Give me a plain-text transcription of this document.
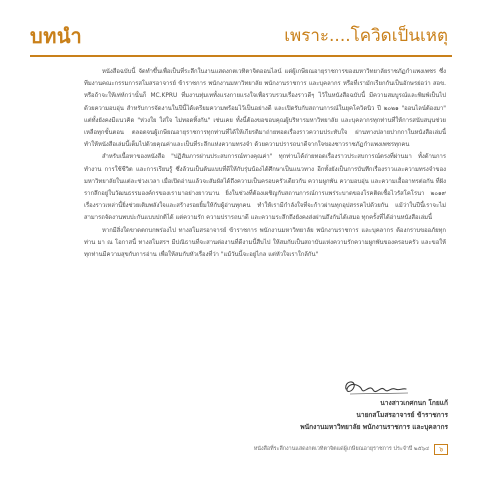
บทนำ	เพราะ....โควิดเป็นเหตุ

หนังสือฉบับนี้ จัดทำขึ้นเพื่อเป็นที่ระลึกในงานแสดงกตเวทิตาจิตออนไลน์ แด่ผู้เกษียณอายุราชการของมหาวิทยาลัยราชภัฏกำแพงเพชร ซึ่งทีมงานคณะกรรมการสโมสรอาจารย์ ข้าราชการ พนักงานมหาวิทยาลัย พนักงานราชการ และบุคลากร หรือที่เรามักเรียกกันเป็นอักษรย่อว่า สอข. หรือถ้าจะให้เท่ห์กว่านั้นก็ MC.KPRU ที่มงานทุ่มเททั้งแรงกายแรงใจเพื่อรวบรวมเรื่องราวดีๆ ไว้ในหนังสือฉบับนี้ มีความสมบูรณ์และพิมพ์เป็นไปด้วยความอบอุ่น สำหรับการจัดงานในปีนี้ได้เตรียมความพร้อมไว้เป็นอย่างดี และเปิดรับกับสถานการณ์ในยุคโควิดนิว ปี ๒๐๒๑ "ออนไลน์ต้องมา" แต่ทั้งยังคงมีแนวคิด "ห่วงใย ใส่ใจ ไม่ทอดทิ้งกัน" เช่นเคย ทั้งนี้ต้องขอขอบคุณผู้บริหารมหาวิทยาลัย และบุคลากรทุกท่านที่ให้การสนับสนุนช่วยเหลือทุกขั้นตอน ตลอดจนผู้เกษียณอายุราชการทุกท่านที่ได้ให้เกียรติมาถ่ายทอดเรื่องราวความประทับใจ ผ่านทางปลายปากกาในหนังสือเล่มนี้ ทำให้หนังสือเล่มนี้เต็มไปด้วยคุณค่าและเป็นที่ระลึกแห่งความทรงจำ ด้วยความปรารถนาดีจากใจของชาวราชภัฏกำแพงเพชรทุกคน

สำหรับเนื้อหาของหนังสือ "ปฏิสัมภารผ่านประสบการณ์ทางคุณค่า" ทุกท่านได้ถ่ายทอดเรื่องราวประสบการณ์ตรงที่ผ่านมา ทั้งด้านการทำงาน การใช้ชีวิต และการเรียนรู้ ซึ่งล้วนเป็นต้นแบบที่ดีให้กับรุ่นน้องได้ศึกษาเป็นแนวทาง อีกทั้งยังเป็นการบันทึกเรื่องราวและความทรงจำของมหาวิทยาลัยในแต่ละช่วงเวลา เมื่อเปิดอ่านแล้วจะสัมผัสได้ถึงความเป็นครอบครัวเดียวกัน ความผูกพัน ความอบอุ่น และความเอื้ออาทรต่อกัน ที่ฝังรากลึกอยู่ในวัฒนธรรมองค์กรของเรามาอย่างยาวนาน ยิ่งในช่วงที่ต้องเผชิญกับสถานการณ์การแพร่ระบาดของโรคติดเชื้อไวรัสโคโรนา ๒๐๑๙ เรื่องราวเหล่านี้ยิ่งช่วยเติมพลังใจและสร้างรอยยิ้มให้กับผู้อ่านทุกคน ทำให้เรามีกำลังใจที่จะก้าวผ่านทุกอุปสรรคไปด้วยกัน แม้ว่าในปีนี้เราจะไม่สามารถจัดงานพบปะกันแบบปกติได้ แต่ความรัก ความปรารถนาดี และความระลึกถึงยังคงส่งผ่านถึงกันได้เสมอ ทุกครั้งที่ได้อ่านหนังสือเล่มนี้

หากมีสิ่งใดขาดตกบกพร่องไป ทางสโมสรอาจารย์ ข้าราชการ พนักงานมหาวิทยาลัย พนักงานราชการ และบุคลากร ต้องกราบขออภัยทุกท่าน มา ณ โอกาสนี้ ทางสโมสรฯ มีปณิธานที่จะสานต่องานที่ดีงามนี้สืบไป ให้สมกับเป็นสถาบันแห่งความรักความผูกพันของครอบครัว และขอให้ทุกท่านมีความสุขกับการอ่าน เพื่อให้สมกับหัวเรื่องที่ว่า "แม้วันนี้จะอยู่ไกล แต่หัวใจเราใกล้กัน"

นางสาวเกศกนก โกยแก้
นายกสโมสรอาจารย์ ข้าราชการ
พนักงานมหาวิทยาลัย พนักงานราชการ และบุคลากร
หนังสือที่ระลึกงานแสดงกตเวทิตาจิตแด่ผู้เกษียณอายุราชการ ประจำปี ๒๕๖๔	๖
